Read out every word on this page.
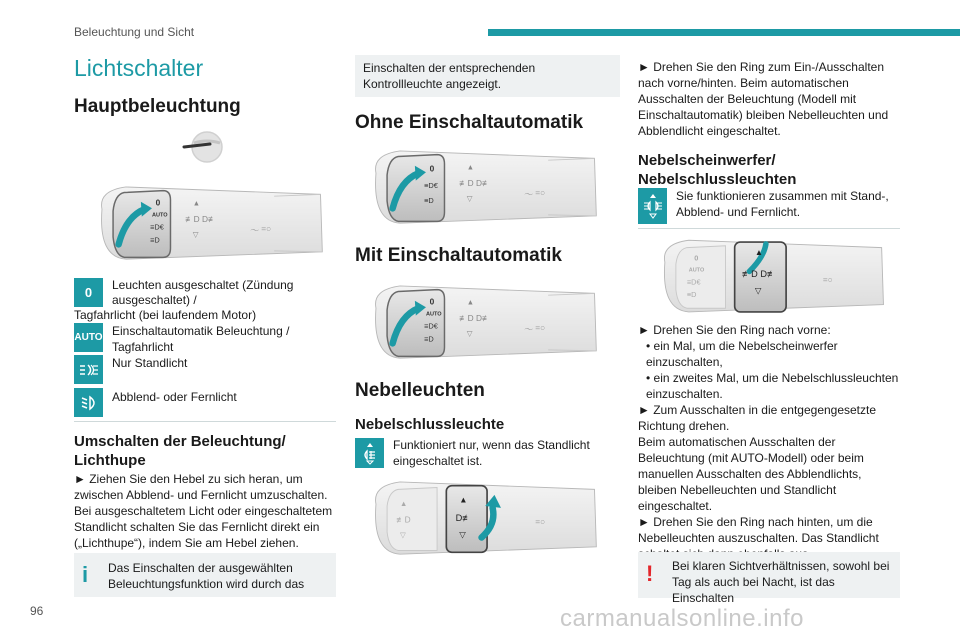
Beleuchtung und Sicht
96	carmanualsonline.info
Lichtschalter
Hauptbeleuchtung
0
AUTO
≡D€
≡D
▲
≢D D≢
▽
0 Leuchten ausgeschaltet (Zündung
ausgeschaltet) /
Tagfahrlicht (bei laufendem Motor)
AUTO Einschaltautomatik Beleuchtung /
Tagfahrlicht
Nur Standlicht
Abblend- oder Fernlicht
Umschalten der Beleuchtung/ Lichthupe
► Ziehen Sie den Hebel zu sich heran, um zwischen Abblend- und Fernlicht umzuschalten. Bei ausgeschaltetem Licht oder eingeschaltetem Standlicht schalten Sie das Fernlicht direkt ein („Lichthupe“), indem Sie am Hebel ziehen.
i Das Einschalten der ausgewählten Beleuchtungsfunktion wird durch das
Einschalten der entsprechenden Kontrollleuchte angezeigt.
Ohne Einschaltautomatik
0
≡D€
≡D
▲
≢D D≢
▽
Mit Einschaltautomatik
0
AUTO
≡D€
≡D
▲
≢D D≢
▽
Nebelleuchten
Nebelschlussleuchte
Funktioniert nur, wenn das Standlicht eingeschaltet ist.
▲
≢D
▽
▲
D≢
▽
=○
► Drehen Sie den Ring zum Ein-/Ausschalten nach vorne/hinten. Beim automatischen Ausschalten der Beleuchtung (Modell mit Einschaltautomatik) bleiben Nebelleuchten und Abblendlicht eingeschaltet.
Nebelscheinwerfer/ Nebelschlussleuchten
Sie funktionieren zusammen mit Stand-, Abblend- und Fernlicht.
0
AUTO
≡D€
≡D
▲
≢D D≢
▽
=○
► Drehen Sie den Ring nach vorne:
• ein Mal, um die Nebelscheinwerfer einzuschalten,
• ein zweites Mal, um die Nebelschlussleuchten einzuschalten.
► Zum Ausschalten in die entgegengesetzte Richtung drehen.
Beim automatischen Ausschalten der Beleuchtung (mit AUTO-Modell) oder beim manuellen Ausschalten des Abblendlichts, bleiben Nebelleuchten und Standlicht eingeschaltet.
► Drehen Sie den Ring nach hinten, um die Nebelleuchten auszuschalten. Das Standlicht
! Bei klaren Sichtverhältnissen, sowohl bei Tag als auch bei Nacht, ist das Einschalten
